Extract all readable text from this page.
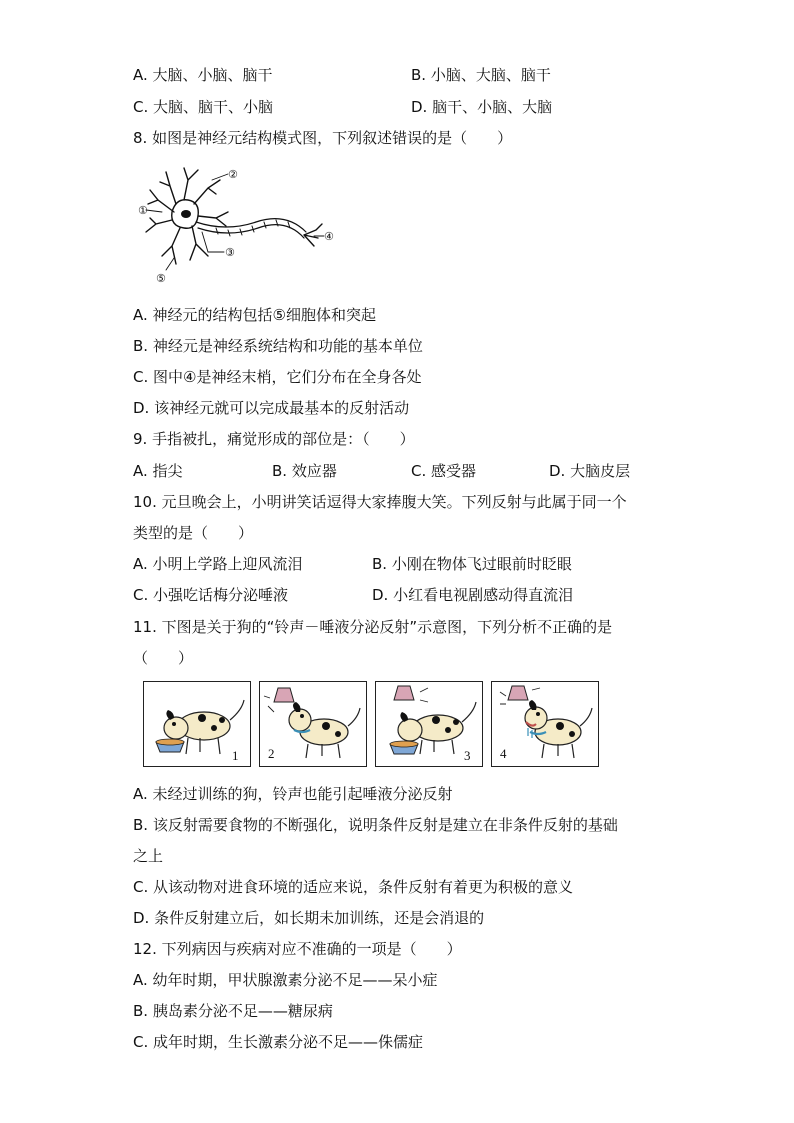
A. 大脑、小脑、脑干	B. 小脑、大脑、脑干
C. 大脑、脑干、小脑	D. 脑干、小脑、大脑
8. 如图是神经元结构模式图，下列叙述错误的是（　　）
①
②
③
④
⑤
A. 神经元的结构包括⑤细胞体和突起
B. 神经元是神经系统结构和功能的基本单位
C. 图中④是神经末梢，它们分布在全身各处
D. 该神经元就可以完成最基本的反射活动
9. 手指被扎，痛觉形成的部位是：（　　）
A. 指尖	B. 效应器	C. 感受器	D. 大脑皮层
10. 元旦晚会上，小明讲笑话逗得大家捧腹大笑。下列反射与此属于同一个
类型的是（　　）
A. 小明上学路上迎风流泪	B. 小刚在物体飞过眼前时眨眼
C. 小强吃话梅分泌唾液	D. 小红看电视剧感动得直流泪
11. 下图是关于狗的“铃声－唾液分泌反射”示意图，下列分析不正确的是
（　　）
1 2	3 4
A. 未经过训练的狗，铃声也能引起唾液分泌反射
B. 该反射需要食物的不断强化，说明条件反射是建立在非条件反射的基础
之上
C. 从该动物对进食环境的适应来说，条件反射有着更为积极的意义
D. 条件反射建立后，如长期未加训练，还是会消退的
12. 下列病因与疾病对应不准确的一项是（　　）
A. 幼年时期，甲状腺激素分泌不足——呆小症
B. 胰岛素分泌不足——糖尿病
C. 成年时期，生长激素分泌不足——侏儒症
